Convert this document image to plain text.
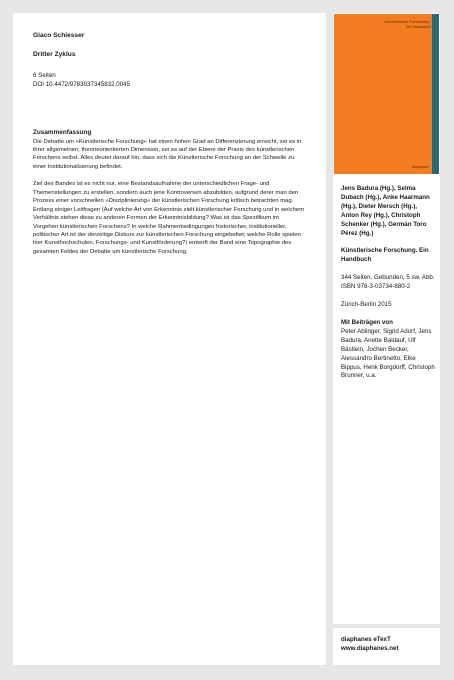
Giaco Schiesser

Dritter Zyklus

6 Seiten
DOI 10.4472/9783037345832.0045

Zusammenfassung

Die Debatte um »Künstlerische Forschung« hat einen hohen Grad an Differenzierung erreicht, sei es in ihrer allgemeinen, theorieorientierten Dimension, sei es auf der Ebene der Praxis des künstlerischen Forschens selbst. Alles deutet darauf hin, dass sich die Künstlerische Forschung an der Schwelle zu einer Institutionalisierung befindet.

Ziel des Bandes ist es nicht nur, eine Bestandsaufnahme der unterschiedlichen Frage- und Themenstellungen zu erstellen, sondern auch jene Kontroversen abzubilden, aufgrund derer man den Prozess einer vorschnellen »Disziplinierung« der künstlerischen Forschung kritisch betrachten mag. Entlang einiger Leitfragen (Auf welche Art von Erkenntnis zielt künstlerischer Forschung und in welchem Verhältnis stehen diese zu anderen Formen der Erkenntnisbildung? Was ist das Spezifikum im Vorgehen künstlerischen Forschens? In welche Rahmenbedingungen historischer, institutioneller, politischer Art ist der derzeitige Diskurs zur künstlerischen Forschung eingebettet; welche Rolle spielen hier Kunsthochschulen, Forschungs- und Kunstförderung?) entwirft der Band eine Topographie des gesamten Feldes der Debatte um künstlerische Forschung.

Künstlerische Forschung · Ein Handbuch
diaphanes

Jens Badura (Hg.), Selma Dubach (Hg.), Anke Haarmann (Hg.), Dieter Mersch (Hg.), Anton Rey (Hg.), Christoph Schenker (Hg.), Germán Toro Pérez (Hg.)

Künstlerische Forschung. Ein Handbuch

344 Seiten, Gebunden, 5 sw. Abb.

ISBN 978-3-03734-880-2

Zürich-Berlin 2015

Mit Beiträgen von

Peter Ablinger, Sigrid Adorf, Jens Badura, Anette Baldauf, Ulf Bästlein, Jochen Becker, Alessandro Bertinetto, Elke Bippus, Henk Borgdorff, Christoph Brunner, u.a.

diaphanes eTexT

www.diaphanes.net
